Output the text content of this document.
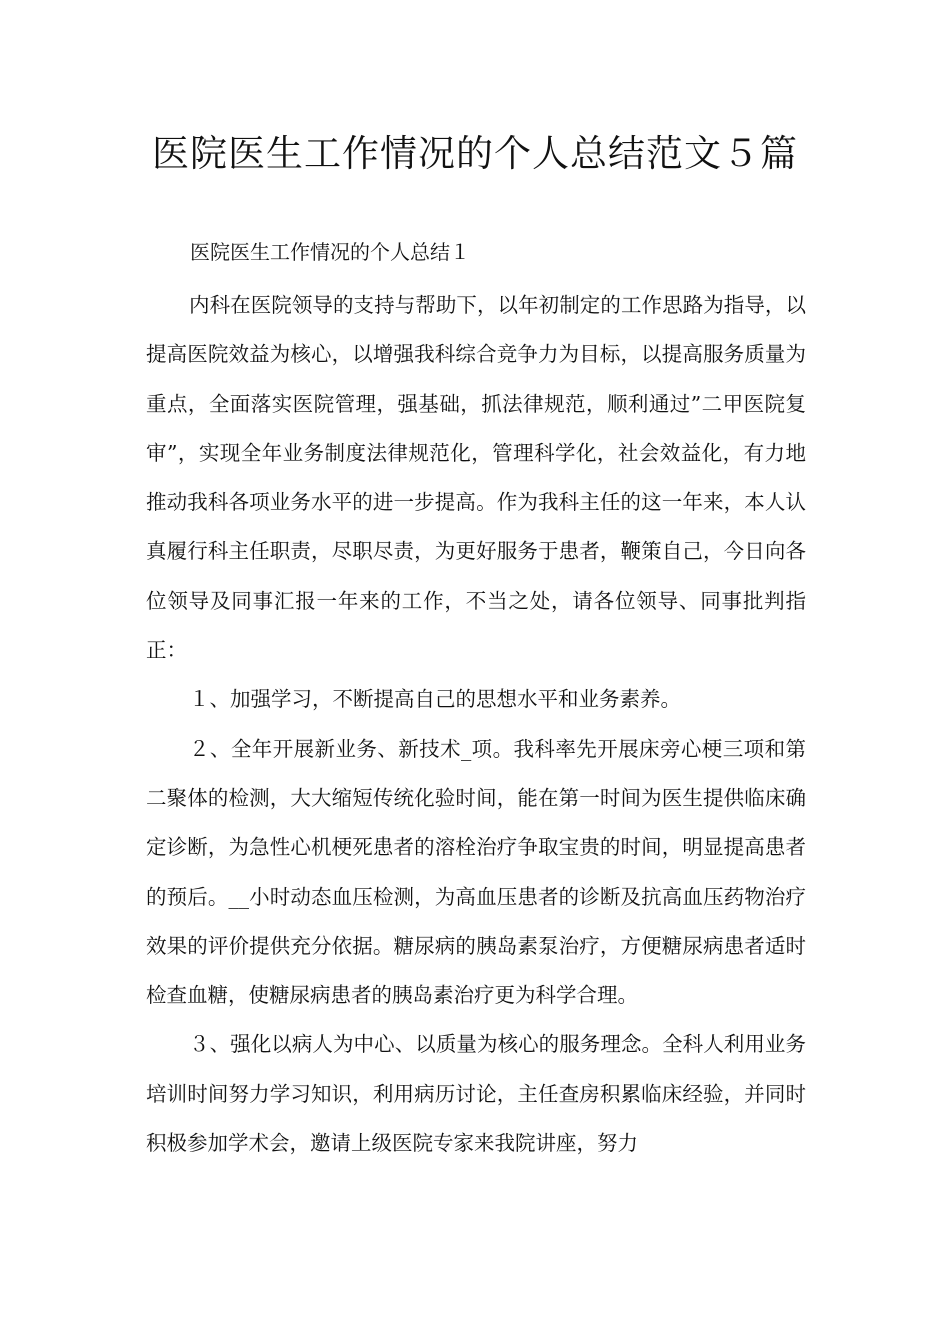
医院医生工作情况的个人总结范文５篇
医院医生工作情况的个人总结１

内科在医院领导的支持与帮助下，以年初制定的工作思路为指导，以提高医院效益为核心，以增强我科综合竞争力为目标，以提高服务质量为重点，全面落实医院管理，强基础，抓法律规范，顺利通过”二甲医院复审”，实现全年业务制度法律规范化，管理科学化，社会效益化，有力地推动我科各项业务水平的进一步提高。作为我科主任的这一年来，本人认真履行科主任职责，尽职尽责，为更好服务于患者，鞭策自己，今日向各位领导及同事汇报一年来的工作，不当之处，请各位领导、同事批判指正：

１、加强学习，不断提高自己的思想水平和业务素养。

２、全年开展新业务、新技术_项。我科率先开展床旁心梗三项和第二聚体的检测，大大缩短传统化验时间，能在第一时间为医生提供临床确定诊断，为急性心机梗死患者的溶栓治疗争取宝贵的时间，明显提高患者的预后。__小时动态血压检测，为高血压患者的诊断及抗高血压药物治疗效果的评价提供充分依据。糖尿病的胰岛素泵治疗，方便糖尿病患者适时检查血糖，使糖尿病患者的胰岛素治疗更为科学合理。

３、强化以病人为中心、以质量为核心的服务理念。全科人利用业务培训时间努力学习知识，利用病历讨论，主任查房积累临床经验，并同时积极参加学术会，邀请上级医院专家来我院讲座，努力
